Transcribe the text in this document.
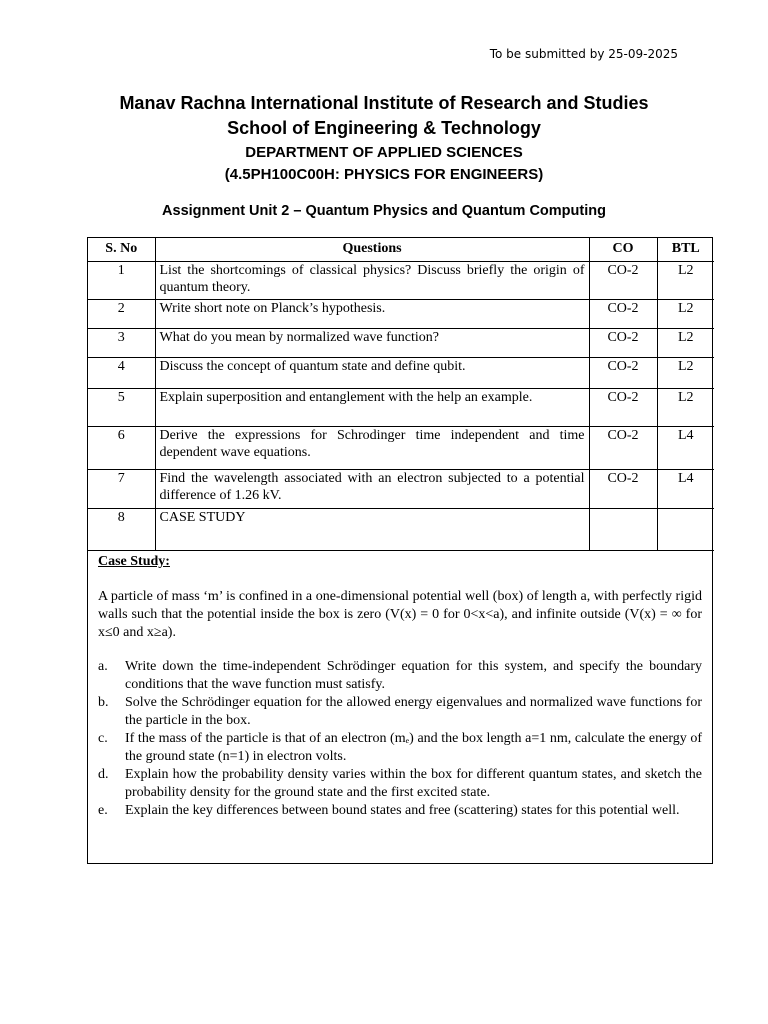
To be submitted by 25-09-2025
Manav Rachna International Institute of Research and Studies
School of Engineering & Technology
DEPARTMENT OF APPLIED SCIENCES
(4.5PH100C00H: PHYSICS FOR ENGINEERS)
Assignment Unit 2 – Quantum Physics and Quantum Computing
S. No	Questions	CO	BTL
1	List the shortcomings of classical physics? Discuss briefly the origin of quantum theory.	CO-2	L2
2	Write short note on Planck’s hypothesis.	CO-2	L2
3	What do you mean by normalized wave function?	CO-2	L2
4	Discuss the concept of quantum state and define qubit.	CO-2	L2
5	Explain superposition and entanglement with the help an example.	CO-2	L2
6	Derive the expressions for Schrodinger time independent and time dependent wave equations.	CO-2	L4
7	Find the wavelength associated with an electron subjected to a potential difference of 1.26 kV.	CO-2	L4
8	CASE STUDY		
Case Study:
A particle of mass ‘m’ is confined in a one-dimensional potential well (box) of length a, with perfectly rigid walls such that the potential inside the box is zero (V(x) = 0 for 0<x<a), and infinite outside (V(x) = ∞ for x≤0 and x≥a).
a. Write down the time-independent Schrödinger equation for this system, and specify the boundary conditions that the wave function must satisfy.
b. Solve the Schrödinger equation for the allowed energy eigenvalues and normalized wave functions for the particle in the box.
c. If the mass of the particle is that of an electron (mₑ) and the box length a=1 nm, calculate the energy of the ground state (n=1) in electron volts.
d. Explain how the probability density varies within the box for different quantum states, and sketch the probability density for the ground state and the first excited state.
e. Explain the key differences between bound states and free (scattering) states for this potential well.
